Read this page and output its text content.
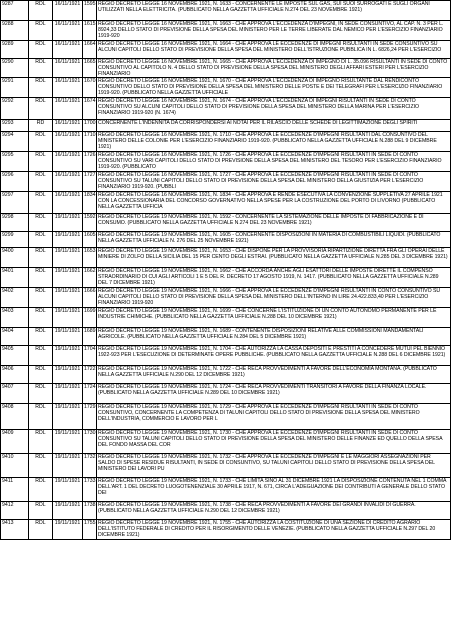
9287	RDL	16/11/1921	1595	REGIO DECRETO LEGGE 16 NOVEMBRE 1921, N. 1633 - CONCERNENTE LE IMPOSTE SUL GAS, SUI SUOI SURROGATI E SUGLI ORGANI UTILIZZATI NELLA ELETTRICITA. (PUBBLICATO NELLA GAZZETTA UFFICIALE N.274 DEL 23 NOVEMBRE 1921)
9288	RDL	16/11/1921	1615	REGIO DECRETO LEGGE 16 NOVEMBRE 1921, N. 1663 - CHE APPROVA L'ECCEDENZA D'IMPEGNI, IN SEDE CONSUNTIVO, AL CAP. N. 3 PER L. 8924,33 DELLO STATO DI PREVISIONE DELLA SPESA DEL MINISTERO PER LE TERRE LIBERATE DAL NEMICO PER L'ESERCIZIO FINANZIARIO 1919-920
9289	RDL	16/11/1921	1664	REGIO DECRETO LEGGE 16 NOVEMBRE 1921, N. 1664 - CHE APPROVA LE ECCEDENZE DI IMPEGNI RISULTANTI IN SEDE CONSUNTIVO SU ALCUNI CAPITOLI DELLO STATO DI PREVISIONE DELLA SPESA DEL MINISTERO DELL'ISTRUZIONE PUBBLICA IN L. 6826,24 PER L'ESERCIZIO
9290	RDL	16/11/1921	1665	REGIO DECRETO LEGGE 16 NOVEMBRE 1921, N. 1665 - CHE APPROVA L'ECCEDENZA DI IMPEGNO DI L. 35.096 RISULTANTI IN SEDE DI CONTO CONSUNTIVO AL CAPITOLO N. 4 DELLO STATO DI PREVISIONE DELLA SPESA DEL MINISTERO DEGLI AFFARI ESTERI PER L'ESERCIZIO FINANZIARIO
9291	RDL	16/11/1921	1670	REGIO DECRETO LEGGE 16 NOVEMBRE 1921, N. 1670 - CHE APPROVA L'ECCEDENZA DI IMPEGNO RISULTANTE DAL RENDICONTO CONSUNTIVO DELLO STATO DI PREVISIONE DELLA SPESA DEL MINISTERO DELLE POSTE E DEI TELEGRAFI PER L'ESERCIZIO FINANZIARIO 1919-920. (PUBBLICATO NELLA GAZZETTA UFFICIALE
9292	RDL	16/11/1921	1674	REGIO DECRETO LEGGE 16 NOVEMBRE 1921, N. 1674 - CHE APPROVA L'ECCEDENZA DI IMPEGNI RISULTANTI IN SEDE DI CONTO CONSUNTIVO SU ALCUNI CAPITOLI DELLO STATO DI PREVISIONE DELLA SPESA DEL MINISTERO DELLA MARINA PER L'ESERCIZIO FINANZIARIO 1919-920 (N. 1674)
9293	RD	16/11/1921	1700	CONCERNENTE L'INDENNITA DA CORRISPONDERSI AI NOTAI PER IL RILASCIO DELLE SCHEDE DI LEGITTIMAZIONE DEGLI SPIRITI
9294	RDL	16/11/1921	1710	REGIO DECRETO LEGGE 16 NOVEMBRE 1921, N. 1710 - CHE APPROVA LE ECCEDENZE D'IMPEGNI RISULTANTI DAL CONSUNTIVO DEL MINISTERO DELLE COLONIE PER L'ESERCIZIO FINANZIARIO 1919-920. (PUBBLICATO NELLA GAZZETTA UFFICIALE N.288 DEL 9 DICEMBRE 1921)
9295	RDL	16/11/1921	1726	REGIO DECRETO LEGGE 16 NOVEMBRE 1921, N. 1726 - CHE APPROVA LE ECCEDENZE D'IMPEGNI RISULTANTI IN SEDE DI CONTO CONSUNTIVO SU VARI CAPITOLI DELLO STATO DI PREVISIONE DELLA SPESA DEL MINISTERO DEL TESORO PER L'ESERCIZIO FINANZIARIO 1919-920. (PUBBLICATO
9296	RDL	16/11/1921	1727	REGIO DECRETO LEGGE 16 NOVEMBRE 1921, N. 1727 - CHE APPROVA LE ECCEDENZE D'IMPEGNI RISULTANTI IN SEDE DI CONTO CONSUNTIVO SU TALUNI CAPITOLI DELLO STATO DI PREVISIONE DELLA SPESA DEL MINISTERO DELLA GIUSTIZIA PER L'ESERCIZIO FINANZIARIO 1919-920. (PUBBLI
9297	RDL	16/11/1921	1834	REGIO DECRETO LEGGE 16 NOVEMBRE 1921, N. 1834 - CHE APPROVA E RENDE ESECUTIVA LA CONVENZIONE SUPPLETIVA 27 APRILE 1921 CON LA CONCESSIONARIA DEL CONCORSO GOVERNATIVO NELLA SPESE PER LA COSTRUZIONE DEL PORTO DI LIVORNO (PUBBLICATO NELLA GAZZETTA UFFICIA
9298	RDL	19/11/1921	1592	REGIO DECRETO LEGGE 19 NOVEMBRE 1921, N. 1592 - CONCERNENTE LA SISTEMAZIONE DELLE IMPOSTE DI FABBRICAZIONE E DI CONSUMO. (PUBBLICATO NELLA GAZZETTA UFFICIALE N.274 DEL 23 NOVEMBRE 1921)
9299	RDL	19/11/1921	1605	REGIO DECRETO LEGGE 19 NOVEMBRE 1921, N. 1605 - CONCERNENTE DISPOSIZIONI IN MATERIA DI COMBUSTIBILI LIQUIDI. (PUBBLICATO NELLA GAZZETTA UFFICIALE N. 276 DEL 25 NOVEMBRE 1921)
9400	RDL	19/11/1921	1653	REGIO DECRETO LEGGE 19 NOVEMBRE 1921, N. 1653 - CHE DISPONE PER LA PROVVISORIA RIPARTIZIONE DIRETTA FRA GLI OPERAI DELLE MINIERE DI ZOLFO DELLA SICILIA DEL 15 PER CENTO DEGLI ESTRAI. (PUBBLICATO NELLA GAZZETTA UFFICIALE N.285 DEL 3 DICEMBRE 1921)
9401	RDL	19/11/1921	1662	REGIO DECRETO LEGGE 19 NOVEMBRE 1921, N. 1662 - CHE ACCORDA ANCHE AGLI ESATTORI DELLE IMPOSTE DIRETTE IL COMPENSO STRAORDINARIO DI CUI AGLI ARTICOLI 1 E 5 DEL R. DECRETO 17 AGOSTO 1919, N. 1417. (PUBBLICATO NELLA GAZZETTA UFFICIALE N.289 DEL 7 DICEMBRE 1921)
9402	RDL	19/11/1921	1666	REGIO DECRETO LEGGE 19 NOVEMBRE 1921, N. 1666 - CHE APPROVA LE ECCEDENZE D'IMPEGNI RISULTANTI IN CONTO CONSUNTIVO SU ALCUNI CAPITOLI DELLO STATO DI PREVISIONE DELLA SPESA DEL MINISTERO DELL'INTERNO IN LIRE 24.422.833,40 PER L'ESERCIZIO FINANZIARIO 1919-920
9403	RDL	19/11/1921	1699	REGIO DECRETO LEGGE 19 NOVEMBRE 1921, N. 1699 - CHE CONCERNE L'ISTITUZIONE DI UN CONTO AUTONOMO PERMANENTE PER LE INDUSTRIE CHIMICHE. (PUBBLICATO NELLA GAZZETTA UFFICIALE N.288 DEL 10 DICEMBRE 1921)
9404	RDL	19/11/1921	1689	REGIO DECRETO LEGGE 19 NOVEMBRE 1921, N. 1689 - CONTENENTE DISPOSIZIONI RELATIVE ALLE COMMISSIONI MANDAMENTALI AGRICOLE. (PUBBLICATO NELLA GAZZETTA UFFICIALE N.284 DEL 5 DICEMBRE 1921)
9405	RDL	19/11/1921	1704	REGIO DECRETO LEGGE 19 NOVEMBRE 1921, N. 1704 - CHE AUTORIZZA LA CASSA DEPOSITI E PRESTITI A CONCEDERE MUTUI PEL BIENNIO 1922-923 PER L'ESECUZIONE DI DETERMINATE OPERE PUBBLICHE. (PUBBLICATO NELLA GAZZETTA UFFICIALE N.288 DEL 6 DICEMBRE 1921)
9406	RDL	19/11/1921	1722	REGIO DECRETO LEGGE 19 NOVEMBRE 1921, N. 1722 - CHE RECA PROVVEDIMENTI A FAVORE DELL'ECONOMIA MONTANA. (PUBBLICATO NELLA GAZZETTA UFFICIALE N.290 DEL 12 DICEMBRE 1921)
9407	RDL	19/11/1921	1724	REGIO DECRETO LEGGE 19 NOVEMBRE 1921, N. 1724 - CHE RECA PROVVEDIMENTI TRANSITORI A FAVORE DELLA FINANZA LOCALE. (PUBBLICATO NELLA GAZZETTA UFFICIALE N.289 DEL 10 DICEMBRE 1921)
9408	RDL	19/11/1921	1729	REGIO DECRETO LEGGE 19 NOVEMBRE 1921, N. 1729 - CHE APPROVA LE ECCEDENZE D'IMPEGNI RISULTANTI IN SEDE DI CONTO CONSUNTIVO, CONCERNENTE LA COMPETENZA DI TALUNI CAPITOLI DELLO STATO DI PREVISIONE DELLA SPESA DEL MINISTERO DELL'INDUSTRIA, COMMERCIO E LAVORO PER L
9409	RDL	19/11/1921	1730	REGIO DECRETO LEGGE 19 NOVEMBRE 1921, N. 1730 - CHE APPROVA LE ECCEDENZE D'IMPEGNI RISULTANTI IN SEDE DI CONTO CONSUNTIVO SU TALUNI CAPITOLI DELLO STATO DI PREVISIONE DELLA SPESA DEL MINISTERO DELLE FINANZE ED QUELLO DELLA SPESA DEL FONDO MASSA DEL COR
9410	RDL	19/11/1921	1732	REGIO DECRETO LEGGE 19 NOVEMBRE 1921, N. 1732 - CHE APPROVA LE ECCEDENZE D'IMPEGNI E LE MAGGIORI ASSEGNAZIONI PER SALDO DI SPESE RESIDUE RISULTANTI, IN SEDE DI CONSUNTIVO, SU TALUNI CAPITOLI DELLO STATO DI PREVISIONE DELLA SPESA DEL MINISTERO DEI LAVORI PU
9411	RDL	19/11/1921	1733	REGIO DECRETO LEGGE 19 NOVEMBRE 1921, N. 1733 - CHE LIMITA SINO AL 31 DICEMBRE 1921 LA DISPOSIZIONE CONTENUTA NEL 1 COMMA DELL'ART. 1 DEL DECRETO LUOGOTENENZIALE 30 APRILE 1917, N. 671, CIRCA L'ADEGUAZIONE DEI CONTRIBUTI A GENERALE DELLO STATO DEI
9412	RDL	19/11/1921	1738	REGIO DECRETO LEGGE 19 NOVEMBRE 1921, N. 1738 - CHE RECA PROVVEDIMENTI A FAVORE DEI GRANDI INVALIDI DI GUERRA. (PUBBLICATO NELLA GAZZETTA UFFICIALE N.290 DEL 12 DICEMBRE 1921)
9413	RDL	19/11/1921	1755	REGIO DECRETO LEGGE 19 NOVEMBRE 1921, N. 1755 - CHE AUTORIZZA LA COSTITUZIONE DI UNA SEZIONE DI CREDITO AGRARIO DELL'ISTITUTO FEDERALE DI CREDITO PER IL RISORGIMENTO DELLE VENEZIE. (PUBBLICATO NELLA GAZZETTA UFFICIALE N.297 DEL 20 DICEMBRE 1921)
